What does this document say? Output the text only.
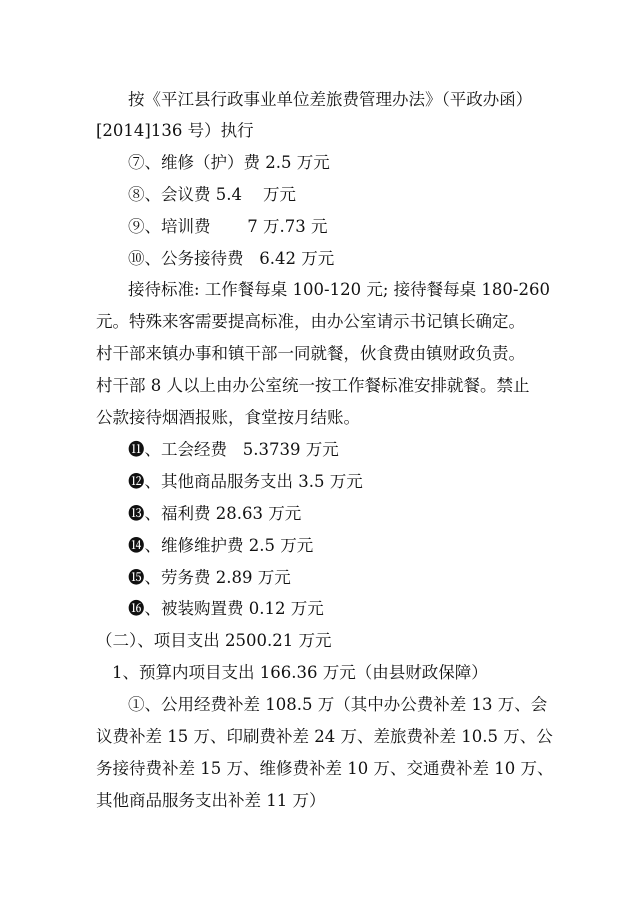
按《平江县行政事业单位差旅费管理办法》（平政办函）
[2014]136 号）执行
⑦、维修（护）费 2.5 万元
⑧、会议费 5.4    万元
⑨、培训费       7 万.73 元
⑩、公务接待费   6.42 万元
接待标准: 工作餐每桌 100-120 元; 接待餐每桌 180-260
元。特殊来客需要提高标准，由办公室请示书记镇长确定。
村干部来镇办事和镇干部一同就餐，伙食费由镇财政负责。
村干部 8 人以上由办公室统一按工作餐标准安排就餐。禁止
公款接待烟酒报账，食堂按月结账。
⓫、工会经费   5.3739 万元
⓬、其他商品服务支出 3.5 万元
⓭、福利费 28.63 万元
⓮、维修维护费 2.5 万元
⓯、劳务费 2.89 万元
⓰、被装购置费 0.12 万元
（二）、项目支出 2500.21 万元
1、预算内项目支出 166.36 万元（由县财政保障）
①、公用经费补差 108.5 万（其中办公费补差 13 万、会
议费补差 15 万、印刷费补差 24 万、差旅费补差 10.5 万、公
务接待费补差 15 万、维修费补差 10 万、交通费补差 10 万、
其他商品服务支出补差 11 万）
